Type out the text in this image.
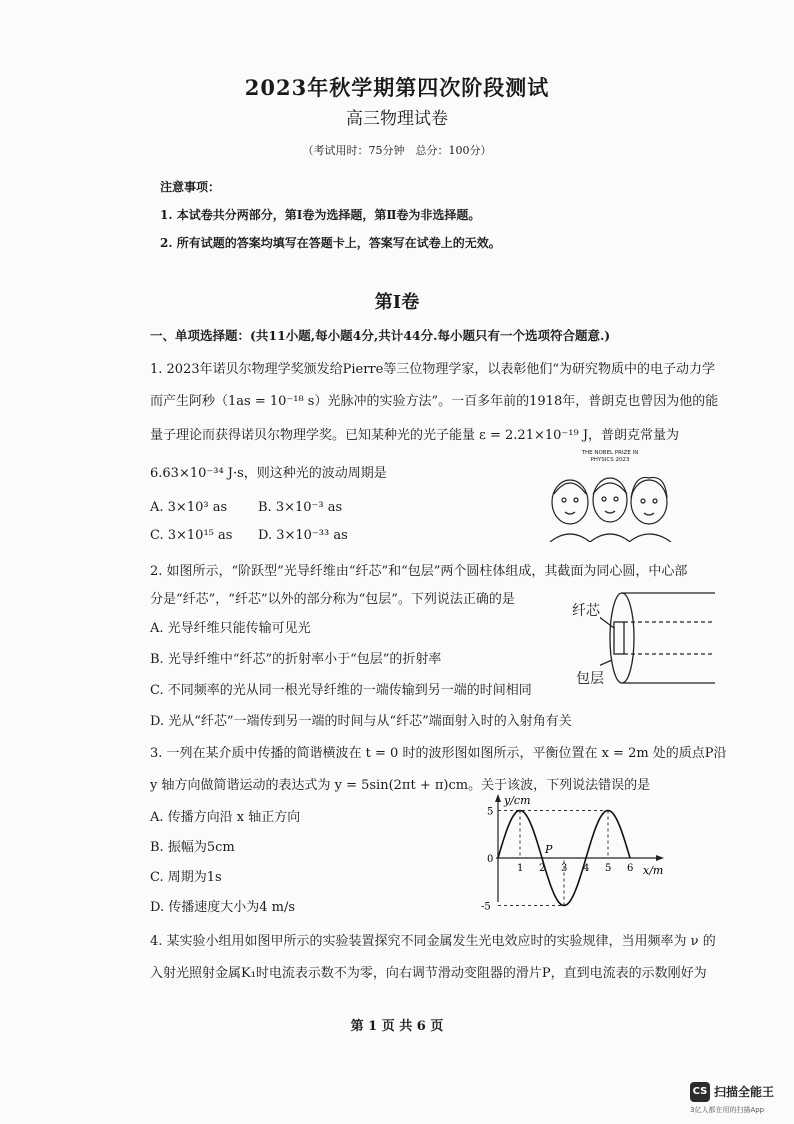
2023年秋学期第四次阶段测试
高三物理试卷
（考试用时：75分钟　总分：100分）
注意事项：
1. 本试卷共分两部分，第Ⅰ卷为选择题，第Ⅱ卷为非选择题。
2. 所有试题的答案均填写在答题卡上，答案写在试卷上的无效。
第Ⅰ卷
一、单项选择题：(共11小题,每小题4分,共计44分.每小题只有一个选项符合题意.)
1. 2023年诺贝尔物理学奖颁发给Pierre等三位物理学家，以表彰他们“为研究物质中的电子动力学
而产生阿秒（1as = 10⁻¹⁸ s）光脉冲的实验方法”。一百多年前的1918年，普朗克也曾因为他的能
量子理论而获得诺贝尔物理学奖。已知某种光的光子能量 ε = 2.21×10⁻¹⁹ J，普朗克常量为
6.63×10⁻³⁴ J·s，则这种光的波动周期是
A. 3×10³ as B. 3×10⁻³ as
C. 3×10¹⁵ as D. 3×10⁻³³ as
THE NOBEL PRIZE IN PHYSICS 2023
2. 如图所示，“阶跃型”光导纤维由“纤芯”和“包层”两个圆柱体组成，其截面为同心圆，中心部
分是“纤芯”，“纤芯”以外的部分称为“包层”。下列说法正确的是
A. 光导纤维只能传输可见光
B. 光导纤维中“纤芯”的折射率小于“包层”的折射率
C. 不同频率的光从同一根光导纤维的一端传输到另一端的时间相同
D. 光从“纤芯”一端传到另一端的时间与从“纤芯”端面射入时的入射角有关
纤芯
包层
3. 一列在某介质中传播的简谐横波在 t = 0 时的波形图如图所示，平衡位置在 x = 2m 处的质点P沿
y 轴方向做简谐运动的表达式为 y = 5sin(2πt + π)cm。关于该波，下列说法错误的是
A. 传播方向沿 x 轴正方向
B. 振幅为5cm
C. 周期为1s
D. 传播速度大小为4 m/s
y/cm
x/m
1 2 3 4 5 6
5
0
-5
P
4. 某实验小组用如图甲所示的实验装置探究不同金属发生光电效应时的实验规律，当用频率为 ν 的
入射光照射金属K₁时电流表示数不为零，向右调节滑动变阻器的滑片P，直到电流表的示数刚好为
第 1 页 共 6 页
CS 扫描全能王
3亿人都在用的扫描App
